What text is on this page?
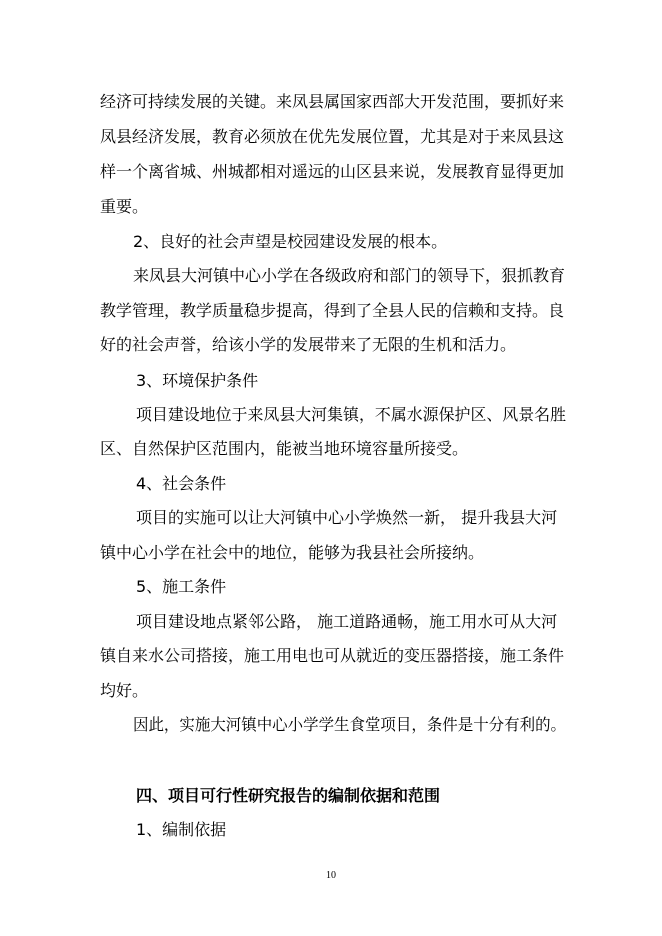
经济可持续发展的关键。来凤县属国家西部大开发范围，要抓好来
凤县经济发展，教育必须放在优先发展位置，尤其是对于来凤县这
样一个离省城、州城都相对遥远的山区县来说，发展教育显得更加
重要。
2、良好的社会声望是校园建设发展的根本。
来凤县大河镇中心小学在各级政府和部门的领导下，狠抓教育
教学管理，教学质量稳步提高，得到了全县人民的信赖和支持。良
好的社会声誉，给该小学的发展带来了无限的生机和活力。
3、环境保护条件
项目建设地位于来凤县大河集镇，不属水源保护区、风景名胜
区、自然保护区范围内，能被当地环境容量所接受。
4、社会条件
项目的实施可以让大河镇中心小学焕然一新， 提升我县大河
镇中心小学在社会中的地位，能够为我县社会所接纳。
5、施工条件
项目建设地点紧邻公路， 施工道路通畅，施工用水可从大河
镇自来水公司搭接，施工用电也可从就近的变压器搭接，施工条件
均好。
因此，实施大河镇中心小学学生食堂项目，条件是十分有利的。
四、项目可行性研究报告的编制依据和范围
1、编制依据
10
